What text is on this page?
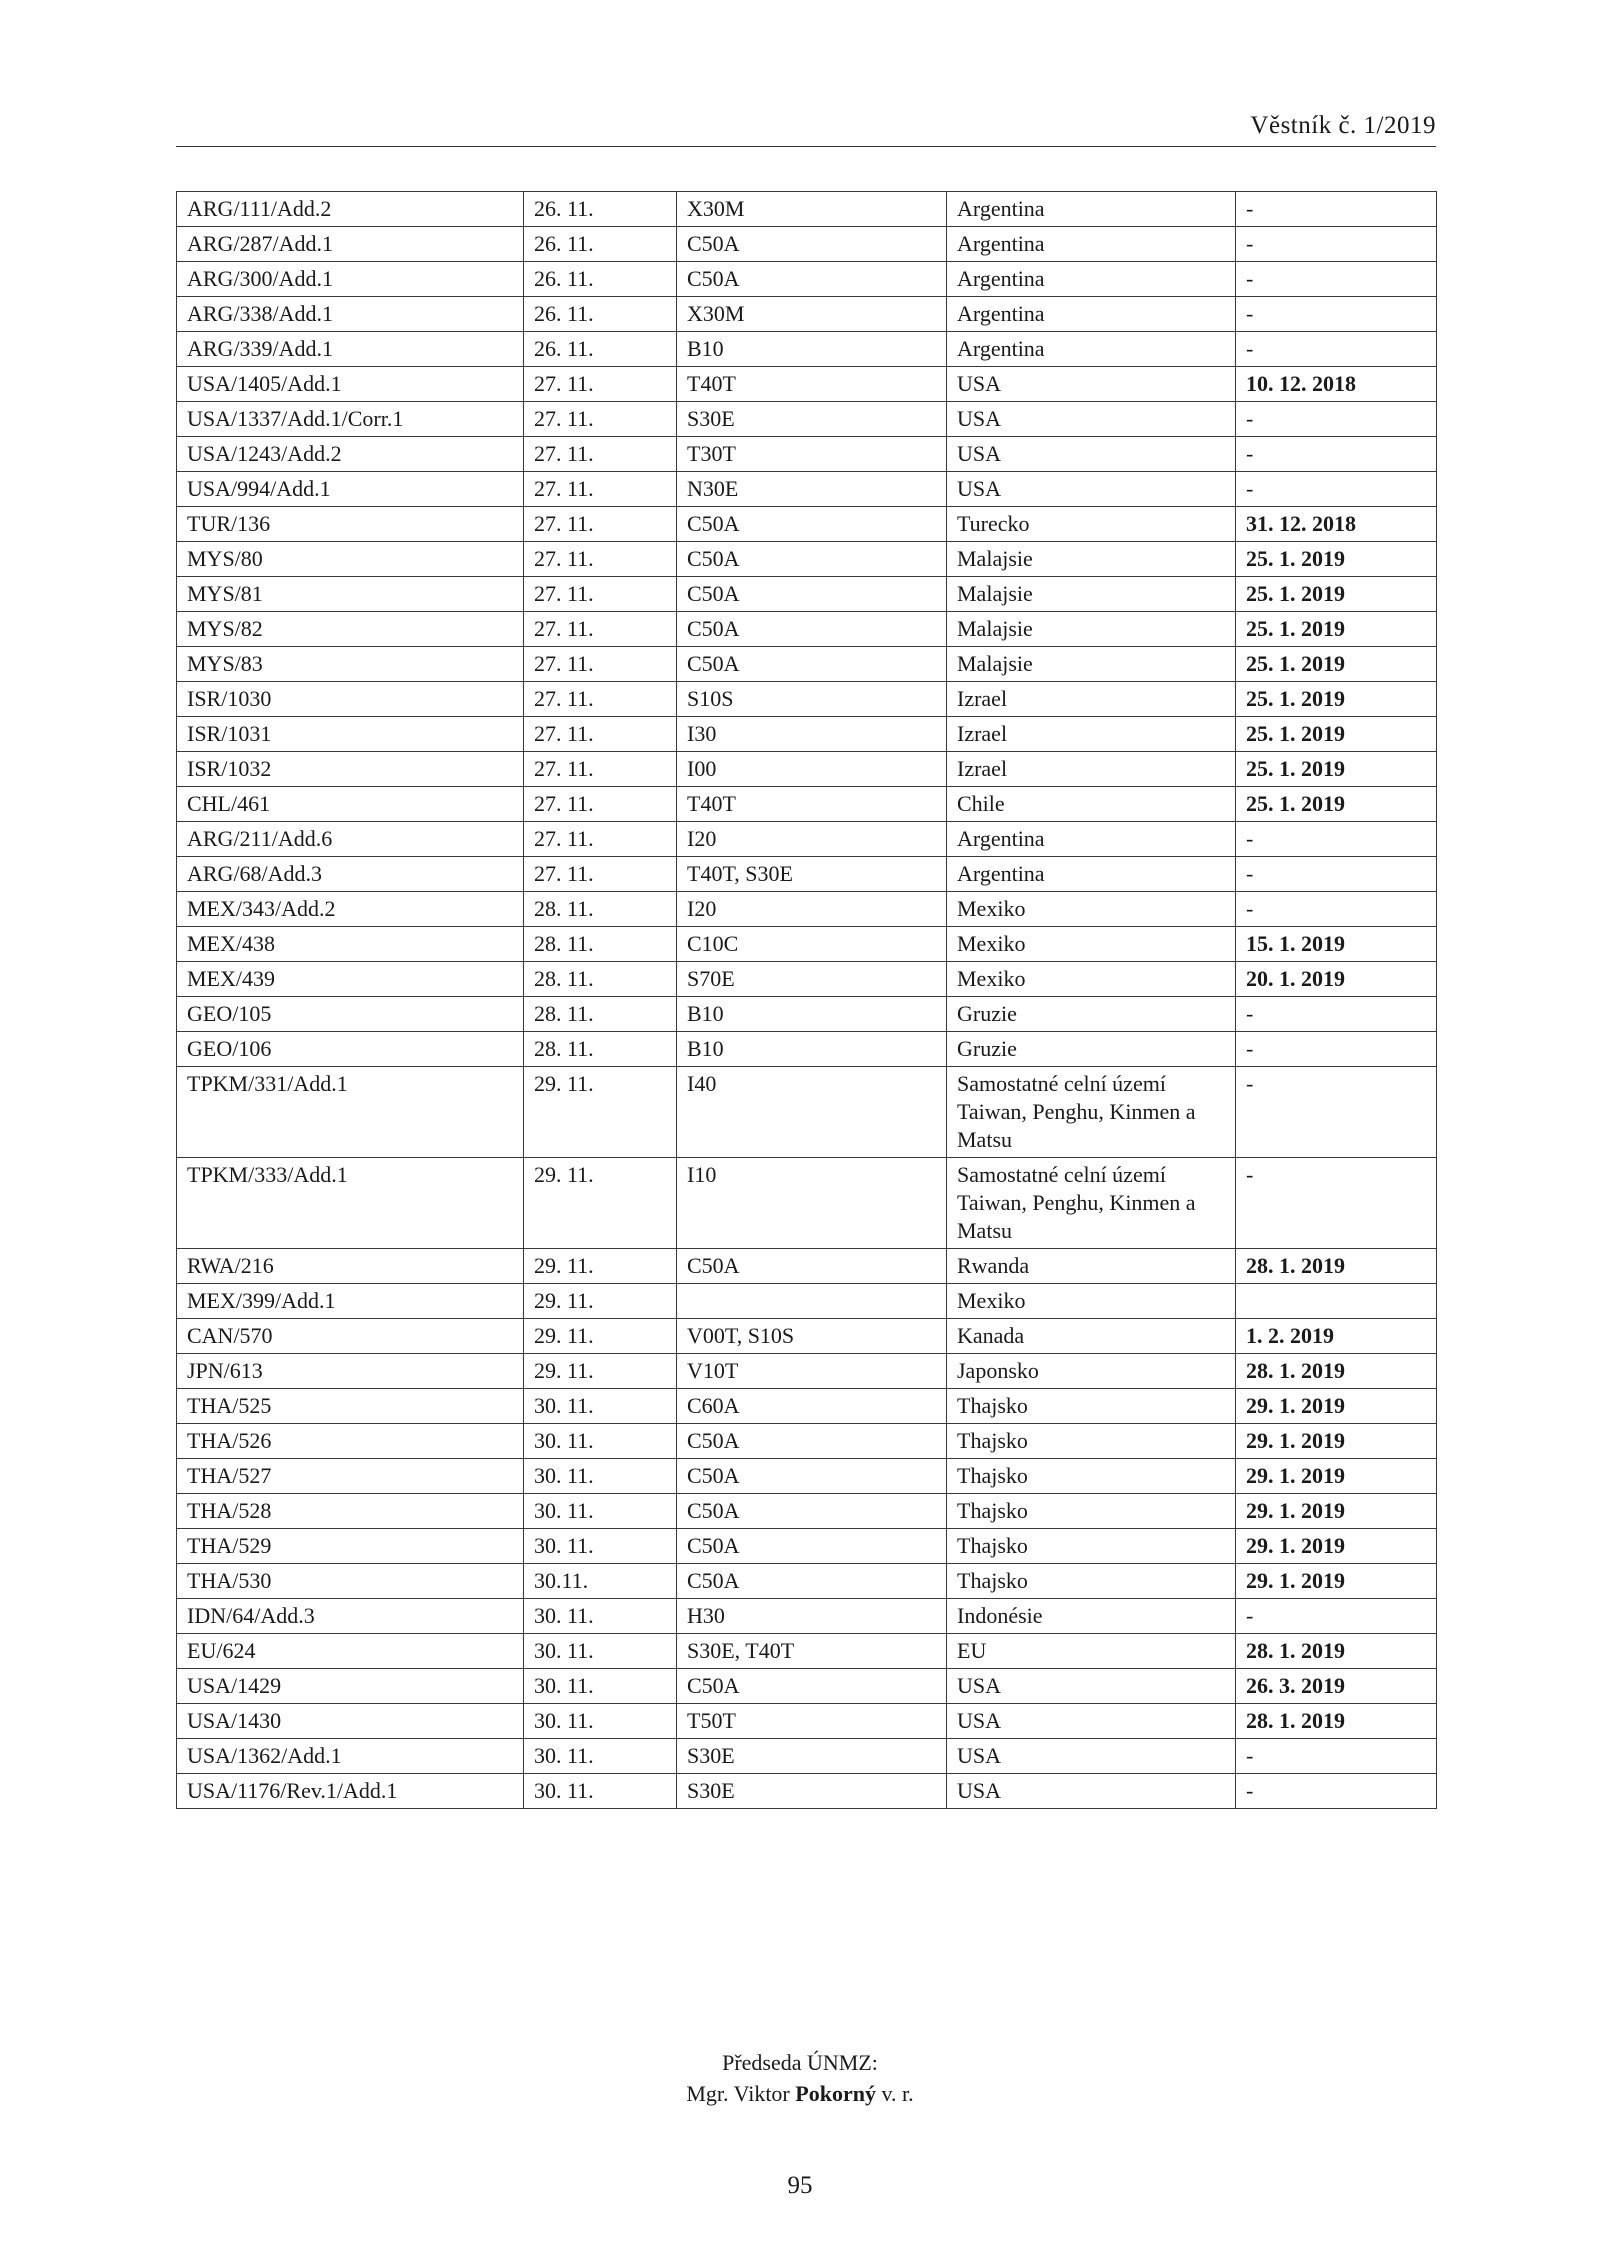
Věstník č. 1/2019
ARG/111/Add.2	26. 11.	X30M	Argentina	-
ARG/287/Add.1	26. 11.	C50A	Argentina	-
ARG/300/Add.1	26. 11.	C50A	Argentina	-
ARG/338/Add.1	26. 11.	X30M	Argentina	-
ARG/339/Add.1	26. 11.	B10	Argentina	-
USA/1405/Add.1	27. 11.	T40T	USA	10. 12. 2018
USA/1337/Add.1/Corr.1	27. 11.	S30E	USA	-
USA/1243/Add.2	27. 11.	T30T	USA	-
USA/994/Add.1	27. 11.	N30E	USA	-
TUR/136	27. 11.	C50A	Turecko	31. 12. 2018
MYS/80	27. 11.	C50A	Malajsie	25. 1. 2019
MYS/81	27. 11.	C50A	Malajsie	25. 1. 2019
MYS/82	27. 11.	C50A	Malajsie	25. 1. 2019
MYS/83	27. 11.	C50A	Malajsie	25. 1. 2019
ISR/1030	27. 11.	S10S	Izrael	25. 1. 2019
ISR/1031	27. 11.	I30	Izrael	25. 1. 2019
ISR/1032	27. 11.	I00	Izrael	25. 1. 2019
CHL/461	27. 11.	T40T	Chile	25. 1. 2019
ARG/211/Add.6	27. 11.	I20	Argentina	-
ARG/68/Add.3	27. 11.	T40T, S30E	Argentina	-
MEX/343/Add.2	28. 11.	I20	Mexiko	-
MEX/438	28. 11.	C10C	Mexiko	15. 1. 2019
MEX/439	28. 11.	S70E	Mexiko	20. 1. 2019
GEO/105	28. 11.	B10	Gruzie	-
GEO/106	28. 11.	B10	Gruzie	-
TPKM/331/Add.1	29. 11.	I40	Samostatné celní území Taiwan, Penghu, Kinmen a Matsu	-
TPKM/333/Add.1	29. 11.	I10	Samostatné celní území Taiwan, Penghu, Kinmen a Matsu	-
RWA/216	29. 11.	C50A	Rwanda	28. 1. 2019
MEX/399/Add.1	29. 11.		Mexiko	
CAN/570	29. 11.	V00T, S10S	Kanada	1. 2. 2019
JPN/613	29. 11.	V10T	Japonsko	28. 1. 2019
THA/525	30. 11.	C60A	Thajsko	29. 1. 2019
THA/526	30. 11.	C50A	Thajsko	29. 1. 2019
THA/527	30. 11.	C50A	Thajsko	29. 1. 2019
THA/528	30. 11.	C50A	Thajsko	29. 1. 2019
THA/529	30. 11.	C50A	Thajsko	29. 1. 2019
THA/530	30.11.	C50A	Thajsko	29. 1. 2019
IDN/64/Add.3	30. 11.	H30	Indonésie	-
EU/624	30. 11.	S30E, T40T	EU	28. 1. 2019
USA/1429	30. 11.	C50A	USA	26. 3. 2019
USA/1430	30. 11.	T50T	USA	28. 1. 2019
USA/1362/Add.1	30. 11.	S30E	USA	-
USA/1176/Rev.1/Add.1	30. 11.	S30E	USA	-
Předseda ÚNMZ:
Mgr. Viktor Pokorný v. r.
95
